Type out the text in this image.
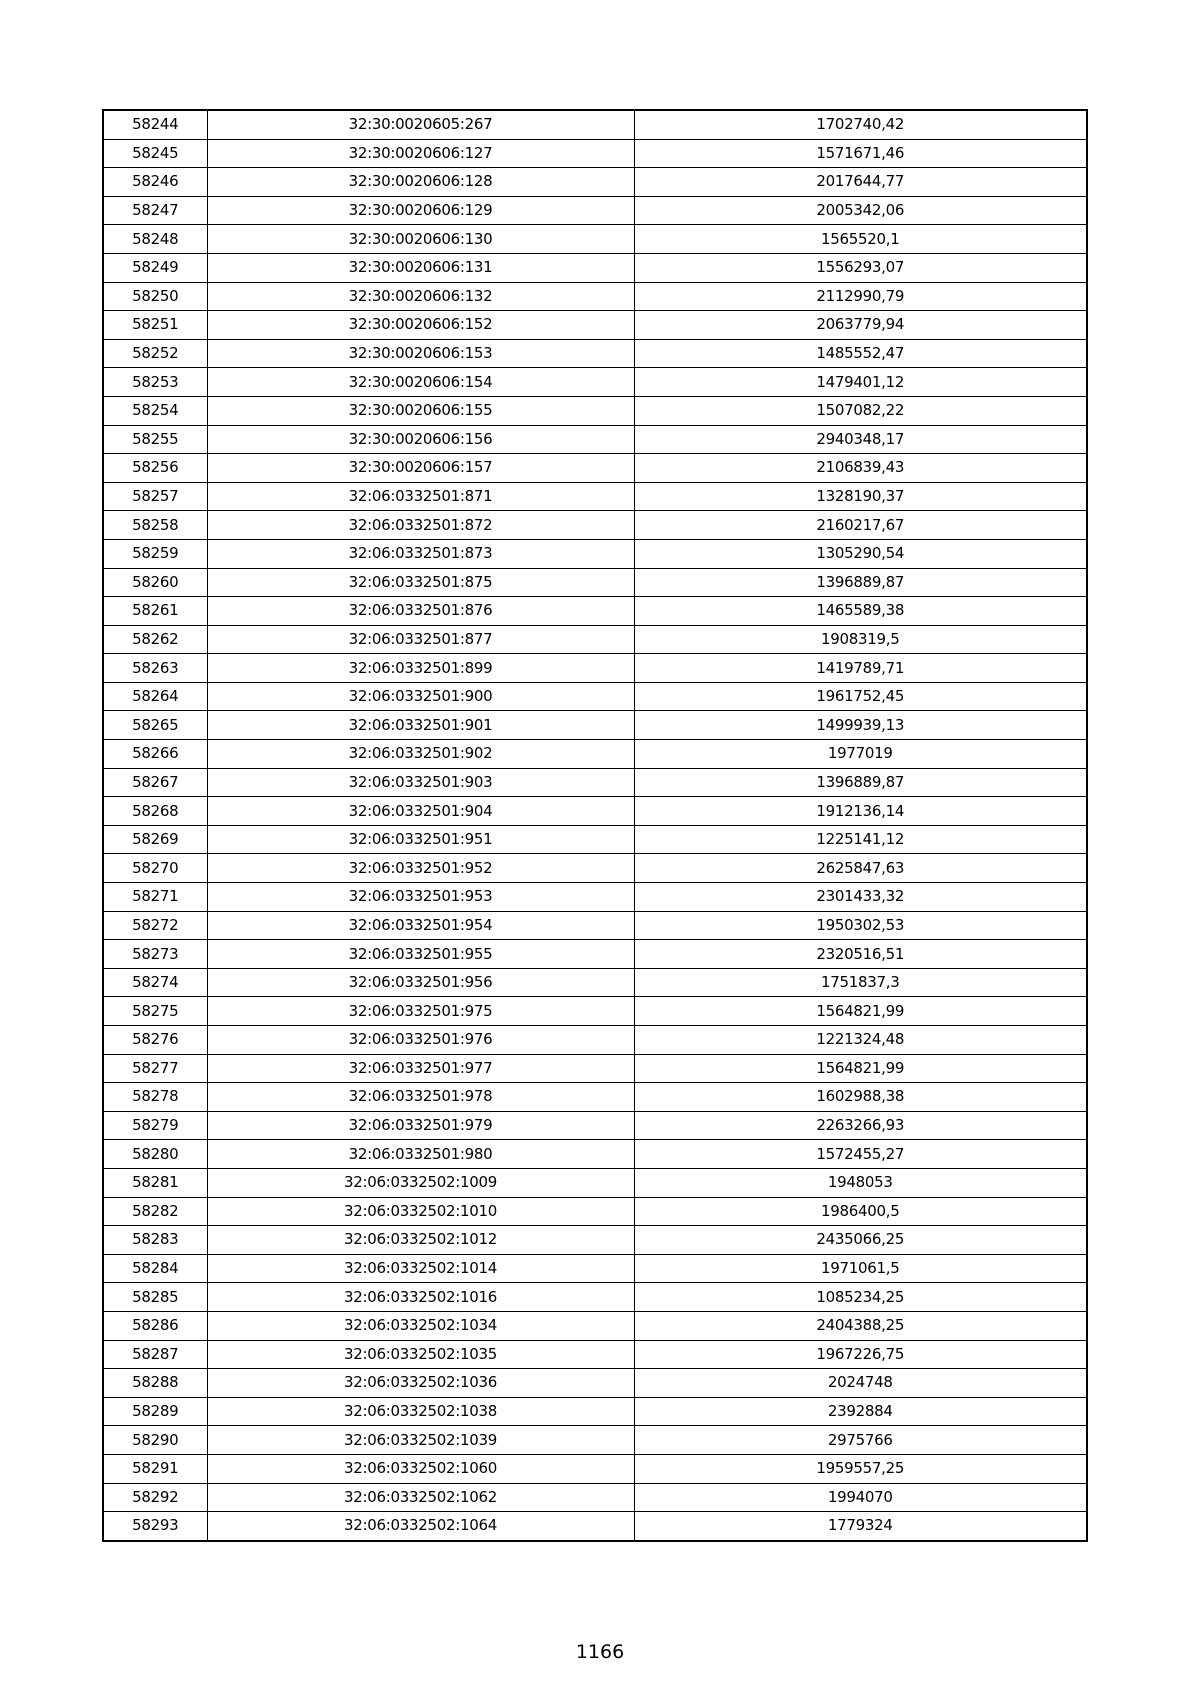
58244	32:30:0020605:267	1702740,42
58245	32:30:0020606:127	1571671,46
58246	32:30:0020606:128	2017644,77
58247	32:30:0020606:129	2005342,06
58248	32:30:0020606:130	1565520,1
58249	32:30:0020606:131	1556293,07
58250	32:30:0020606:132	2112990,79
58251	32:30:0020606:152	2063779,94
58252	32:30:0020606:153	1485552,47
58253	32:30:0020606:154	1479401,12
58254	32:30:0020606:155	1507082,22
58255	32:30:0020606:156	2940348,17
58256	32:30:0020606:157	2106839,43
58257	32:06:0332501:871	1328190,37
58258	32:06:0332501:872	2160217,67
58259	32:06:0332501:873	1305290,54
58260	32:06:0332501:875	1396889,87
58261	32:06:0332501:876	1465589,38
58262	32:06:0332501:877	1908319,5
58263	32:06:0332501:899	1419789,71
58264	32:06:0332501:900	1961752,45
58265	32:06:0332501:901	1499939,13
58266	32:06:0332501:902	1977019
58267	32:06:0332501:903	1396889,87
58268	32:06:0332501:904	1912136,14
58269	32:06:0332501:951	1225141,12
58270	32:06:0332501:952	2625847,63
58271	32:06:0332501:953	2301433,32
58272	32:06:0332501:954	1950302,53
58273	32:06:0332501:955	2320516,51
58274	32:06:0332501:956	1751837,3
58275	32:06:0332501:975	1564821,99
58276	32:06:0332501:976	1221324,48
58277	32:06:0332501:977	1564821,99
58278	32:06:0332501:978	1602988,38
58279	32:06:0332501:979	2263266,93
58280	32:06:0332501:980	1572455,27
58281	32:06:0332502:1009	1948053
58282	32:06:0332502:1010	1986400,5
58283	32:06:0332502:1012	2435066,25
58284	32:06:0332502:1014	1971061,5
58285	32:06:0332502:1016	1085234,25
58286	32:06:0332502:1034	2404388,25
58287	32:06:0332502:1035	1967226,75
58288	32:06:0332502:1036	2024748
58289	32:06:0332502:1038	2392884
58290	32:06:0332502:1039	2975766
58291	32:06:0332502:1060	1959557,25
58292	32:06:0332502:1062	1994070
58293	32:06:0332502:1064	1779324
1166
